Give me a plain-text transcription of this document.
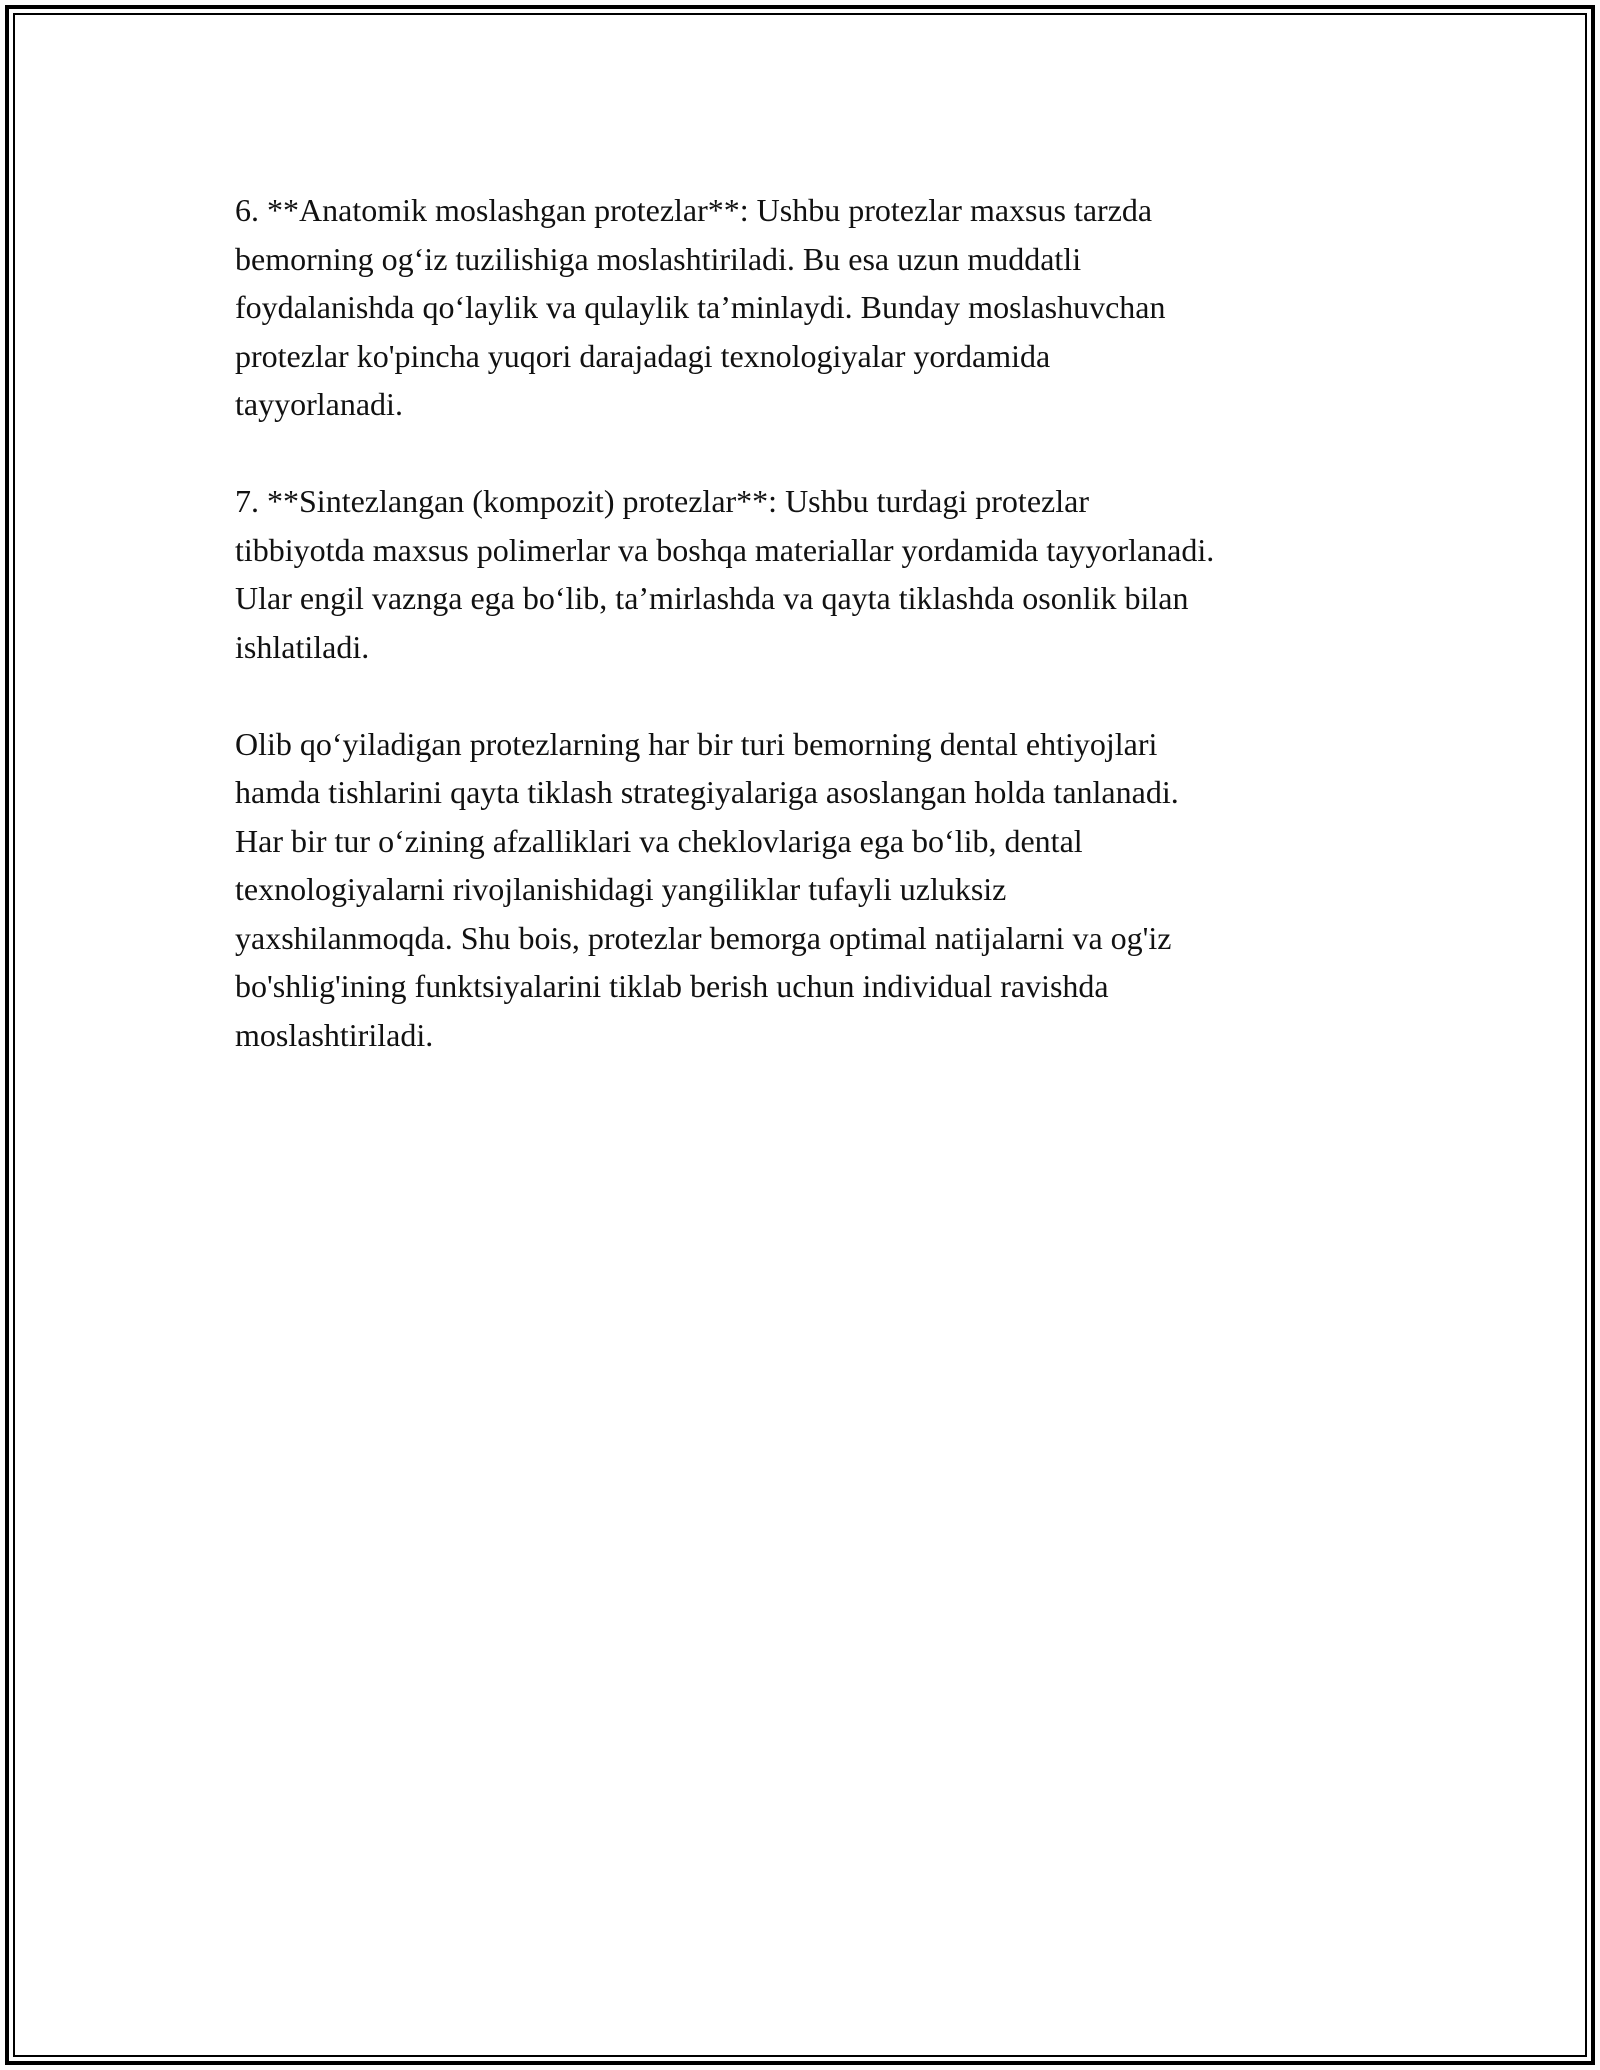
6. **Anatomik moslashgan protezlar**: Ushbu protezlar maxsus tarzda
bemorning og‘iz tuzilishiga moslashtiriladi. Bu esa uzun muddatli
foydalanishda qo‘laylik va qulaylik ta’minlaydi. Bunday moslashuvchan
protezlar ko'pincha yuqori darajadagi texnologiyalar yordamida
tayyorlanadi.

7. **Sintezlangan (kompozit) protezlar**: Ushbu turdagi protezlar
tibbiyotda maxsus polimerlar va boshqa materiallar yordamida tayyorlanadi.
Ular engil vaznga ega bo‘lib, ta’mirlashda va qayta tiklashda osonlik bilan
ishlatiladi.

Olib qo‘yiladigan protezlarning har bir turi bemorning dental ehtiyojlari
hamda tishlarini qayta tiklash strategiyalariga asoslangan holda tanlanadi.
Har bir tur o‘zining afzalliklari va cheklovlariga ega bo‘lib, dental
texnologiyalarni rivojlanishidagi yangiliklar tufayli uzluksiz
yaxshilanmoqda. Shu bois, protezlar bemorga optimal natijalarni va og'iz
bo'shlig'ining funktsiyalarini tiklab berish uchun individual ravishda
moslashtiriladi.
